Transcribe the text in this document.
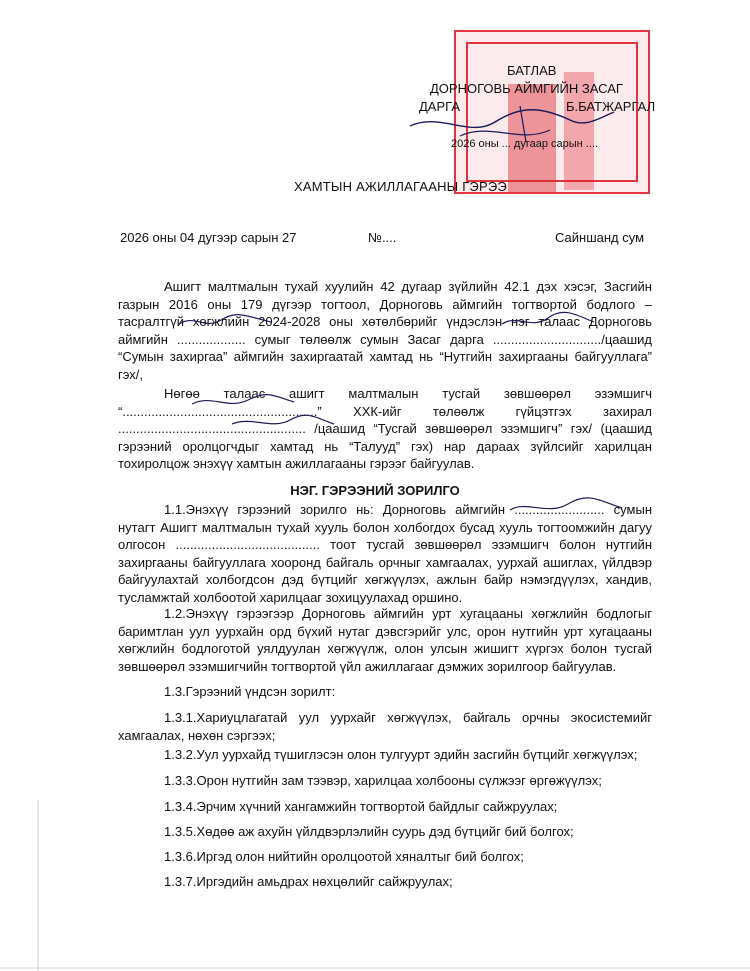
БАТЛАВ
ДОРНОГОВЬ АЙМГИЙН ЗАСАГ
ДАРГА	Б.БАТЖАРГАЛ
2026 оны ... дугаар сарын ....
ХАМТЫН АЖИЛЛАГААНЫ ГЭРЭЭ
2026 оны 04 дугээр сарын 27	№....	Сайншанд сум

Ашигт малтмалын тухай хуулийн 42 дугаар зүйлийн 42.1 дэх хэсэг, Засгийн газрын 2016 оны 179 дүгээр тогтоол, Дорноговь аймгийн тогтвортой бодлого – тасралтгүй хөгжлийн 2024-2028 оны хөтөлбөрийг үндэслэн нэг талаас Дорноговь аймгийн ................... сумыг төлөөлж сумын Засаг дарга ............................../цаашид “Сумын захиргаа” аймгийн захиргаатай хамтад нь “Нутгийн захиргааны байгууллага” гэх/,

Нөгөө талаас ашигт малтмалын тусгай зөвшөөрөл эзэмшигч “......................................................” ХХК-ийг төлөөлж гүйцэтгэх захирал .................................................... /цаашид “Тусгай зөвшөөрөл эзэмшигч” гэх/ (цаашид гэрээний оролцогчдыг хамтад нь “Талууд” гэх) нар дараах зүйлсийг харилцан тохиролцож энэхүү хамтын ажиллагааны гэрээг байгуулав.

НЭГ. ГЭРЭЭНИЙ ЗОРИЛГО

1.1.Энэхүү гэрээний зорилго нь: Дорноговь аймгийн ......................... сумын нутагт Ашигт малтмалын тухай хууль болон холбогдох бусад хууль тогтоомжийн дагуу олгосон ........................................ тоот тусгай зөвшөөрөл эзэмшигч болон нутгийн захиргааны байгууллага хооронд байгаль орчныг хамгаалах, уурхай ашиглах, үйлдвэр байгуулахтай холбогдсон дэд бүтцийг хөгжүүлэх, ажлын байр нэмэгдүүлэх, хандив, тусламжтай холбоотой харилцааг зохицуулахад оршино.

1.2.Энэхүү гэрээгээр Дорноговь аймгийн урт хугацааны хөгжлийн бодлогыг баримтлан уул уурхайн орд бүхий нутаг дэвсгэрийг улс, орон нутгийн урт хугацааны хөгжлийн бодлоготой уялдуулан хөгжүүлж, олон улсын жишигт хүргэх болон тусгай зөвшөөрөл эзэмшигчийн тогтвортой үйл ажиллагааг дэмжих зорилгоор байгуулав.

1.3.Гэрээний үндсэн зорилт:

1.3.1.Хариуцлагатай уул уурхайг хөгжүүлэх, байгаль орчны экосистемийг хамгаалах, нөхөн сэргээх;

1.3.2.Уул уурхайд түшиглэсэн олон тулгуурт эдийн засгийн бүтцийг хөгжүүлэх;

1.3.3.Орон нутгийн зам тээвэр, харилцаа холбооны сүлжээг өргөжүүлэх;

1.3.4.Эрчим хүчний хангамжийн тогтвортой байдлыг сайжруулах;

1.3.5.Хөдөө аж ахуйн үйлдвэрлэлийн суурь дэд бүтцийг бий болгох;

1.3.6.Иргэд олон нийтийн оролцоотой хяналтыг бий болгох;

1.3.7.Иргэдийн амьдрах нөхцөлийг сайжруулах;
